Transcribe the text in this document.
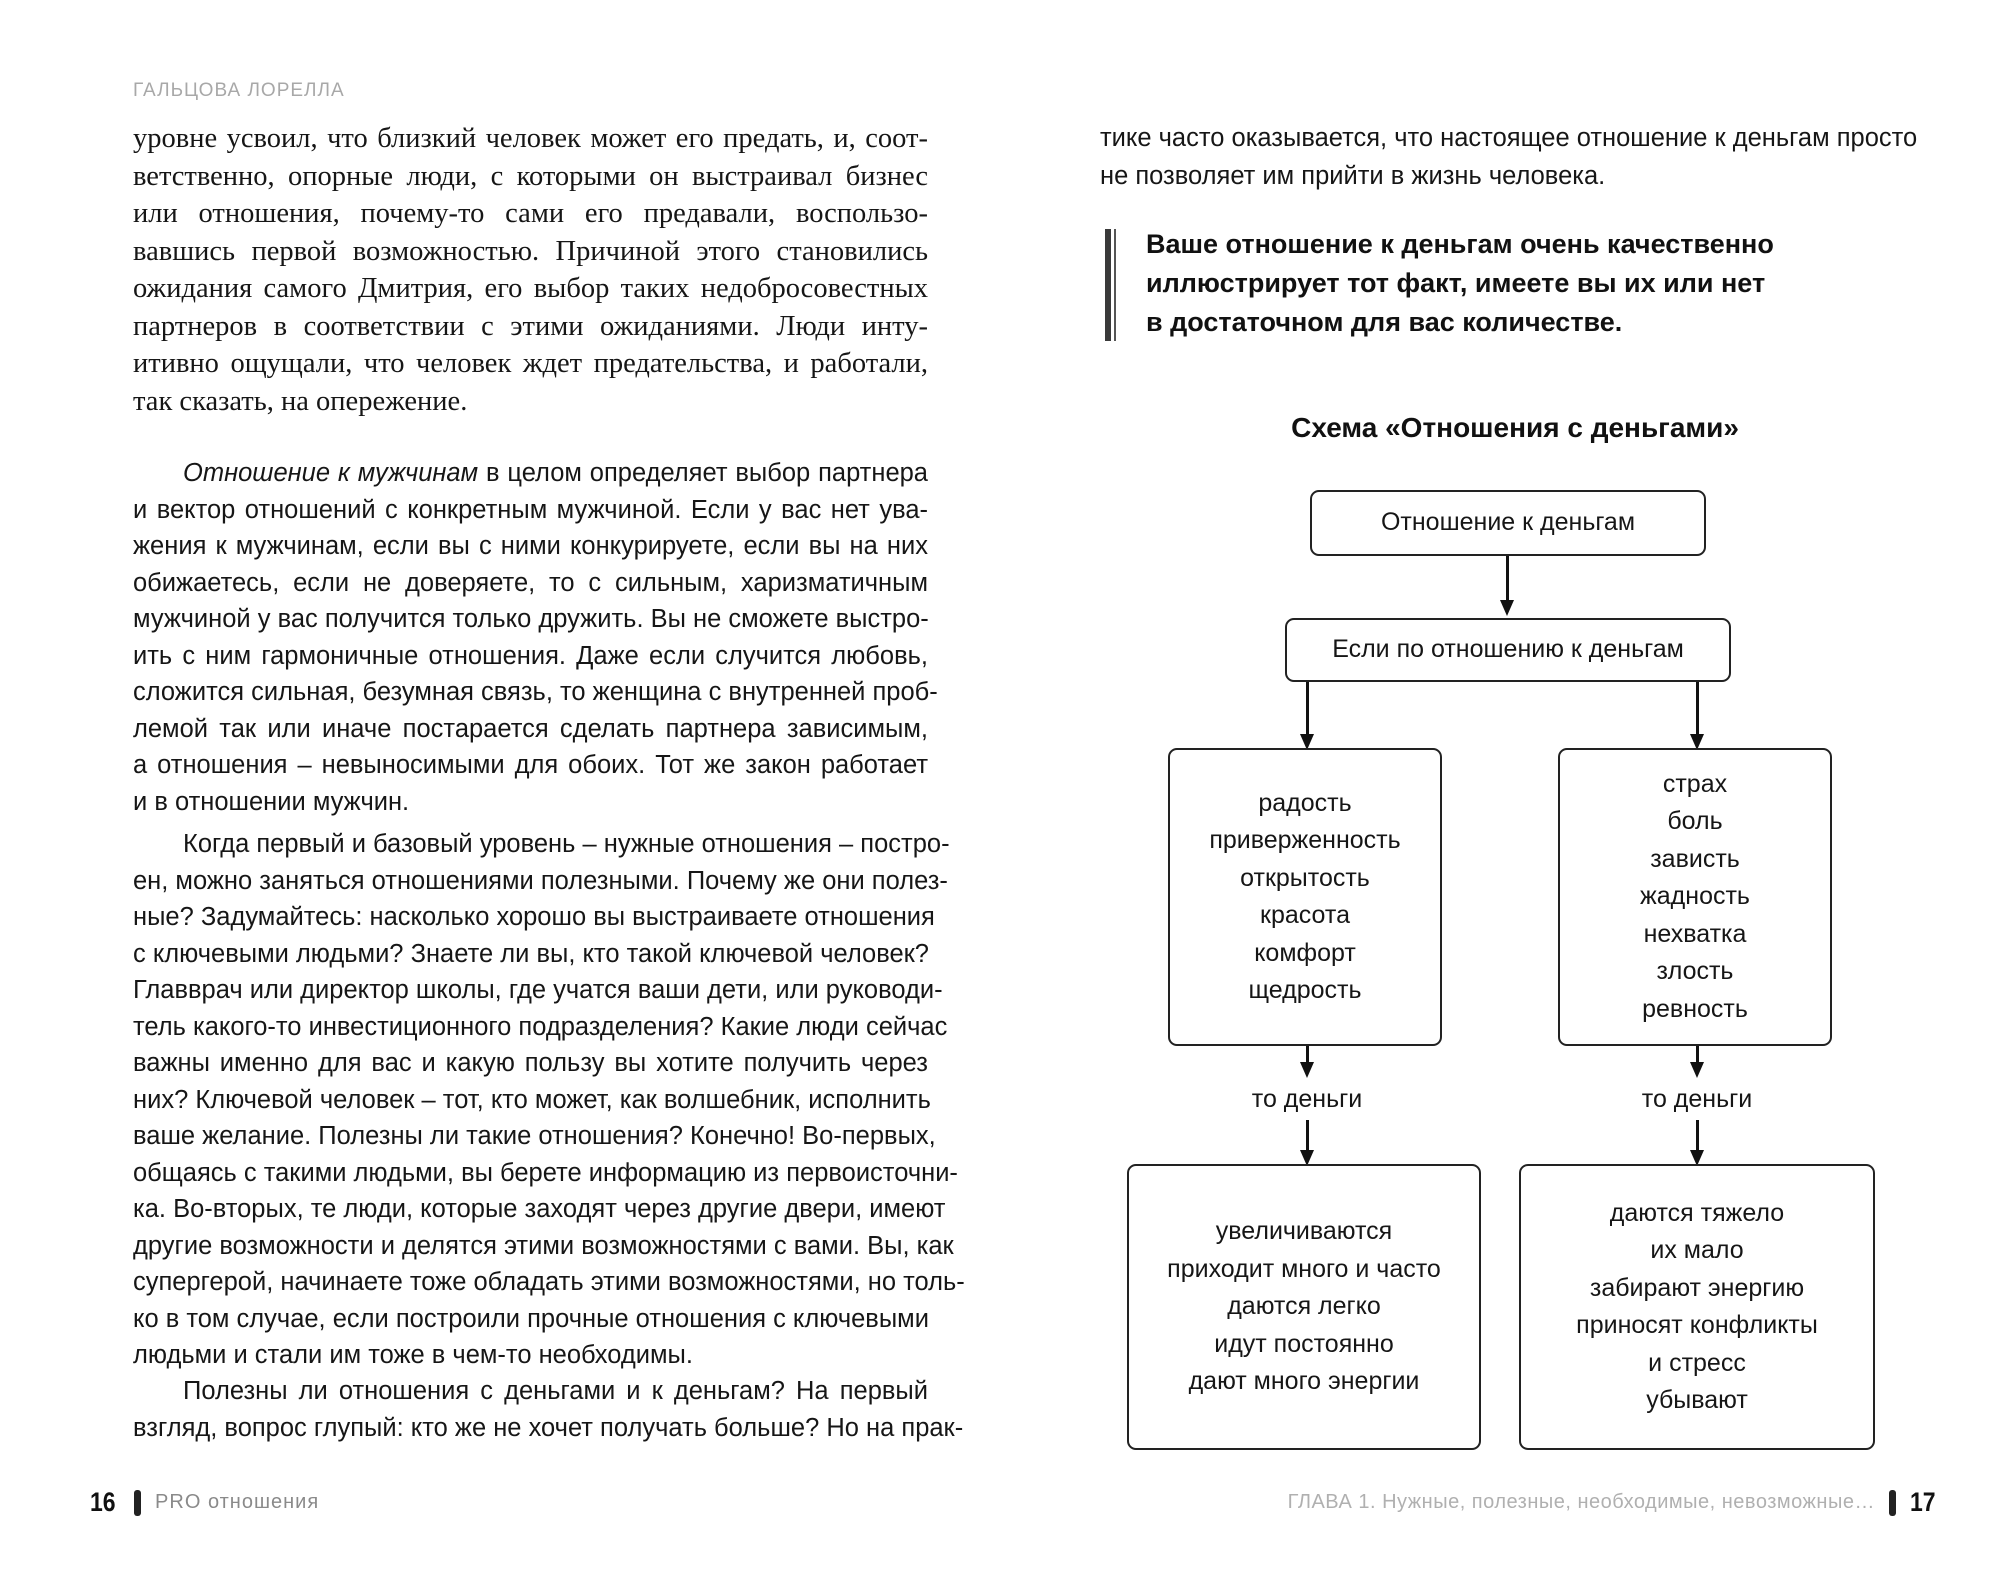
ГАЛЬЦОВА ЛОРЕЛЛА
уровне усвоил, что близкий человек может его предать, и, соот-
ветственно, опорные люди, с которыми он выстраивал бизнес
или отношения, почему-то сами его предавали, воспользо-
вавшись первой возможностью. Причиной этого становились
ожидания самого Дмитрия, его выбор таких недобросовестных
партнеров в соответствии с этими ожиданиями. Люди инту-
итивно ощущали, что человек ждет предательства, и работали,
так сказать, на опережение.
Отношение к мужчинам в целом определяет выбор партнера
и вектор отношений с конкретным мужчиной. Если у вас нет ува-
жения к мужчинам, если вы с ними конкурируете, если вы на них
обижаетесь, если не доверяете, то с сильным, харизматичным
мужчиной у вас получится только дружить. Вы не сможете выстро-
ить с ним гармоничные отношения. Даже если случится любовь,
сложится сильная, безумная связь, то женщина с внутренней проб-
лемой так или иначе постарается сделать партнера зависимым,
а отношения – невыносимыми для обоих. Тот же закон работает
и в отношении мужчин.
Когда первый и базовый уровень – нужные отношения – постро-
ен, можно заняться отношениями полезными. Почему же они полез-
ные? Задумайтесь: насколько хорошо вы выстраиваете отношения
с ключевыми людьми? Знаете ли вы, кто такой ключевой человек?
Главврач или директор школы, где учатся ваши дети, или руководи-
тель какого-то инвестиционного подразделения? Какие люди сейчас
важны именно для вас и какую пользу вы хотите получить через
них? Ключевой человек – тот, кто может, как волшебник, исполнить
ваше желание. Полезны ли такие отношения? Конечно! Во-первых,
общаясь с такими людьми, вы берете информацию из первоисточни-
ка. Во-вторых, те люди, которые заходят через другие двери, имеют
другие возможности и делятся этими возможностями с вами. Вы, как
супергерой, начинаете тоже обладать этими возможностями, но толь-
ко в том случае, если построили прочные отношения с ключевыми
людьми и стали им тоже в чем-то необходимы.
Полезны ли отношения с деньгами и к деньгам? На первый
взгляд, вопрос глупый: кто же не хочет получать больше? Но на прак-
16 PRO отношения
тике часто оказывается, что настоящее отношение к деньгам просто
не позволяет им прийти в жизнь человека.
Ваше отношение к деньгам очень качественно
иллюстрирует тот факт, имеете вы их или нет
в достаточном для вас количестве.
Схема «Отношения с деньгами»
Отношение к деньгам
Если по отношению к деньгам
радость
приверженность
открытость
красота
комфорт
щедрость
страх
боль
зависть
жадность
нехватка
злость
ревность
то деньги	то деньги
увеличиваются
приходит много и часто
даются легко
идут постоянно
дают много энергии
даются тяжело
их мало
забирают энергию
приносят конфликты
и стресс
убывают
ГЛАВА 1. Нужные, полезные, необходимые, невозможные… 17
